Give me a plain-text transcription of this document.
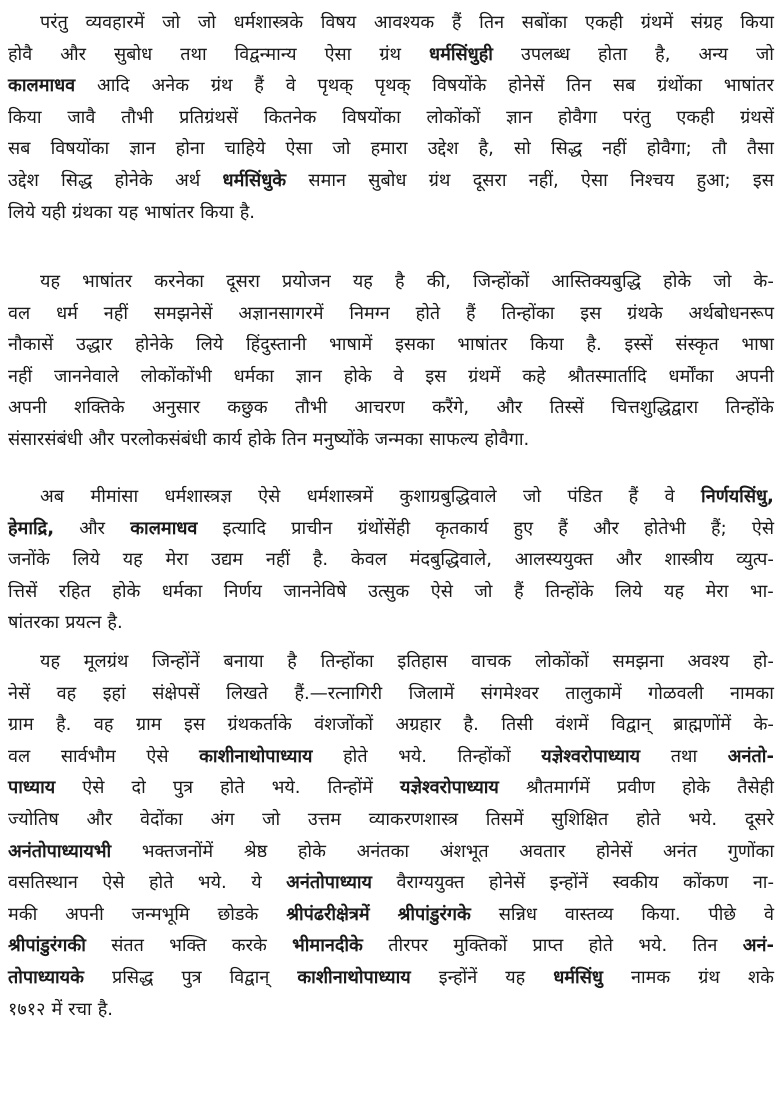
परंतु व्यवहारमें जो जो धर्मशास्त्रके विषय आवश्यक हैं तिन सबोंका एकही ग्रंथमें संग्रह किया
होवै और सुबोध तथा विद्वन्मान्य ऐसा ग्रंथ धर्मसिंधुही उपलब्ध होता है, अन्य जो
कालमाधव आदि अनेक ग्रंथ हैं वे पृथक् पृथक् विषयोंके होनेसें तिन सब ग्रंथोंका भाषांतर
किया जावै तौभी प्रतिग्रंथसें कितनेक विषयोंका लोकोंकों ज्ञान होवैगा परंतु एकही ग्रंथसें
सब विषयोंका ज्ञान होना चाहिये ऐसा जो हमारा उद्देश है, सो सिद्ध नहीं होवैगा; तौ तैसा
उद्देश सिद्ध होनेके अर्थ धर्मसिंधुके समान सुबोध ग्रंथ दूसरा नहीं, ऐसा निश्चय हुआ; इस
लिये यही ग्रंथका यह भाषांतर किया है.
यह भाषांतर करनेका दूसरा प्रयोजन यह है की, जिन्होंकों आस्तिक्यबुद्धि होके जो के-
वल धर्म नहीं समझनेसें अज्ञानसागरमें निमग्न होते हैं तिन्होंका इस ग्रंथके अर्थबोधनरूप
नौकासें उद्धार होनेके लिये हिंदुस्तानी भाषामें इसका भाषांतर किया है. इस्सें संस्कृत भाषा
नहीं जाननेवाले लोकोंकोंभी धर्मका ज्ञान होके वे इस ग्रंथमें कहे श्रौतस्मार्तादि धर्मोंका अपनी
अपनी शक्तिके अनुसार कछुक तौभी आचरण करैंगे, और तिस्सें चित्तशुद्धिद्वारा तिन्होंके
संसारसंबंधी और परलोकसंबंधी कार्य होके तिन मनुष्योंके जन्मका साफल्य होवैगा.
अब मीमांसा धर्मशास्त्रज्ञ ऐसे धर्मशास्त्रमें कुशाग्रबुद्धिवाले जो पंडित हैं वे निर्णयसिंधु,
हेमाद्रि, और कालमाधव इत्यादि प्राचीन ग्रंथोंसेंही कृतकार्य हुए हैं और होतेभी हैं; ऐसे
जनोंके लिये यह मेरा उद्यम नहीं है. केवल मंदबुद्धिवाले, आलस्ययुक्त और शास्त्रीय व्युत्प-
त्तिसें रहित होके धर्मका निर्णय जाननेविषे उत्सुक ऐसे जो हैं तिन्होंके लिये यह मेरा भा-
षांतरका प्रयत्न है.
यह मूलग्रंथ जिन्होंनें बनाया है तिन्होंका इतिहास वाचक लोकोंकों समझना अवश्य हो-
नेसें वह इहां संक्षेपसें लिखते हैं.—रत्नागिरी जिलामें संगमेश्वर तालुकामें गोळवली नामका
ग्राम है. वह ग्राम इस ग्रंथकर्ताके वंशजोंकों अग्रहार है. तिसी वंशमें विद्वान् ब्राह्मणोंमें के-
वल सार्वभौम ऐसे काशीनाथोपाध्याय होते भये. तिन्होंकों यज्ञेश्वरोपाध्याय तथा अनंतो-
पाध्याय ऐसे दो पुत्र होते भये. तिन्होंमें यज्ञेश्वरोपाध्याय श्रौतमार्गमें प्रवीण होके तैसेही
ज्योतिष और वेदोंका अंग जो उत्तम व्याकरणशास्त्र तिसमें सुशिक्षित होते भये. दूसरे
अनंतोपाध्यायभी भक्तजनोंमें श्रेष्ठ होके अनंतका अंशभूत अवतार होनेसें अनंत गुणोंका
वसतिस्थान ऐसे होते भये. ये अनंतोपाध्याय वैराग्ययुक्त होनेसें इन्होंनें स्वकीय कोंकण ना-
मकी अपनी जन्मभूमि छोडके श्रीपंढरीक्षेत्रमें श्रीपांडुरंगके सन्निध वास्तव्य किया. पीछे वे
श्रीपांडुरंगकी संतत भक्ति करके भीमानदीके तीरपर मुक्तिकों प्राप्त होते भये. तिन अनं-
तोपाध्यायके प्रसिद्ध पुत्र विद्वान् काशीनाथोपाध्याय इन्होंनें यह धर्मसिंधु नामक ग्रंथ शके
१७१२ में रचा है.
